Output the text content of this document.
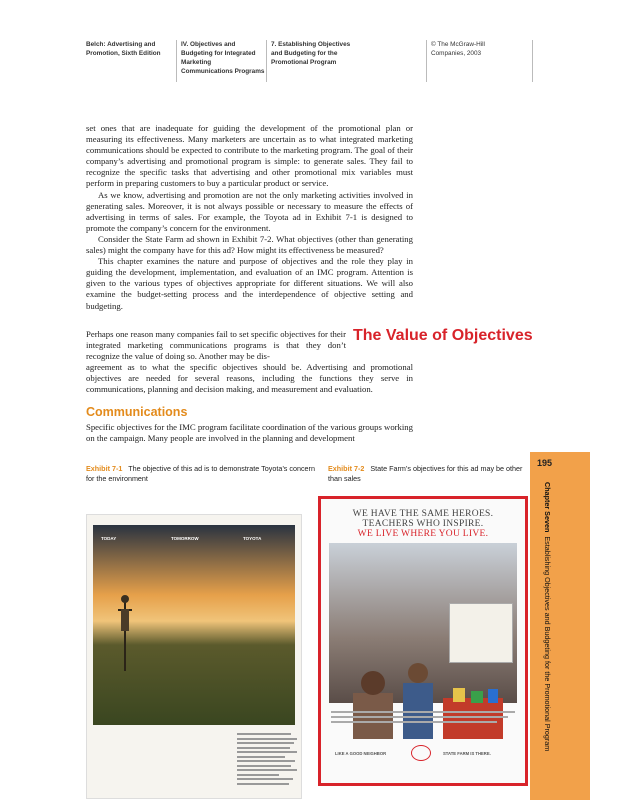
Belch: Advertising and
Promotion, Sixth Edition
IV. Objectives and
Budgeting for Integrated
Marketing
Communications Programs
7. Establishing Objectives
and Budgeting for the
Promotional Program
© The McGraw-Hill
Companies, 2003

set ones that are inadequate for guiding the development of the promotional plan or measuring its effectiveness. Many marketers are uncertain as to what integrated marketing communications should be expected to contribute to the marketing program. The goal of their company’s advertising and promotional program is simple: to generate sales. They fail to recognize the specific tasks that advertising and other promotional mix variables must perform in preparing customers to buy a particular product or service.

As we know, advertising and promotion are not the only marketing activities involved in generating sales. Moreover, it is not always possible or necessary to measure the effects of advertising in terms of sales. For example, the Toyota ad in Exhibit 7-1 is designed to promote the company’s concern for the environment.

Consider the State Farm ad shown in Exhibit 7-2. What objectives (other than generating sales) might the company have for this ad? How might its effectiveness be measured?

This chapter examines the nature and purpose of objectives and the role they play in guiding the development, implementation, and evaluation of an IMC program. Attention is given to the various types of objectives appropriate for different situations. We will also examine the budget-setting process and the interdependence of objective setting and budgeting.

The Value of Objectives

Perhaps one reason many companies fail to set specific objectives for their integrated marketing communications programs is that they don’t recognize the value of doing so. Another may be dis-

agreement as to what the specific objectives should be. Advertising and promotional objectives are needed for several reasons, including the functions they serve in communications, planning and decision making, and measurement and evaluation.

Communications

Specific objectives for the IMC program facilitate coordination of the various groups working on the campaign. Many people are involved in the planning and development

Exhibit 7-1 The objective of this ad is to demonstrate Toyota’s concern for the environment
Exhibit 7-2 State Farm’s objectives for this ad may be other than sales
TODAY	TOMORROW	TOYOTA
WE HAVE THE SAME HEROES.
TEACHERS WHO INSPIRE.
WE LIVE WHERE YOU LIVE.
LIKE A GOOD NEIGHBOR	STATE FARM IS THERE.
195
Chapter Seven  Establishing Objectives and Budgeting for the Promotional Program
